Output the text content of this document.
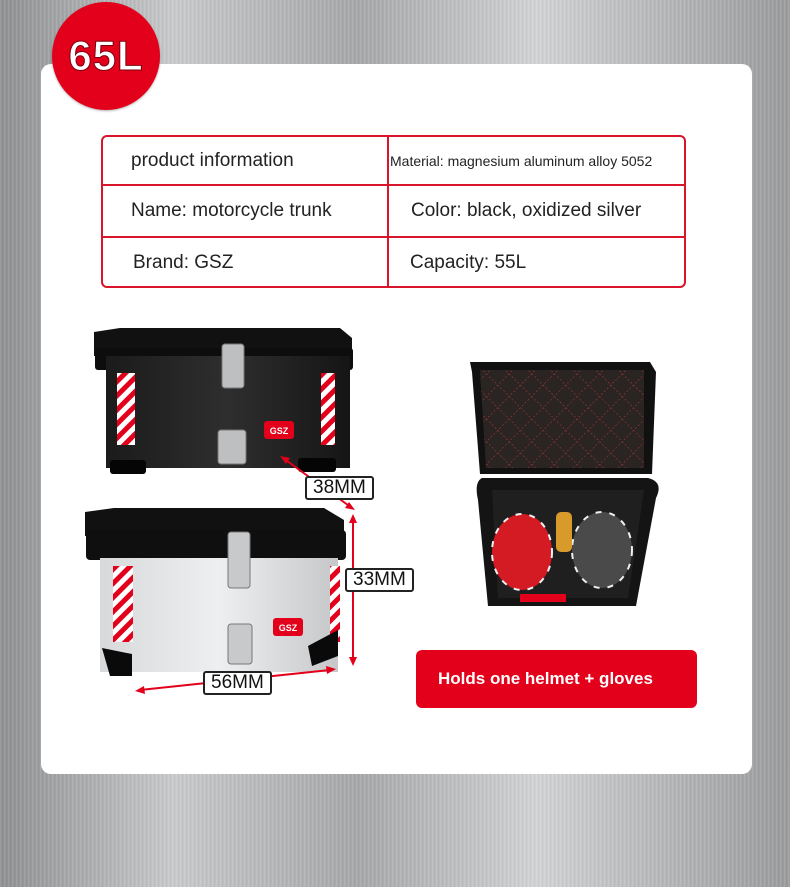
65L
product information	Material: magnesium aluminum alloy 5052
Name: motorcycle trunk	Color: black, oxidized silver
Brand: GSZ	Capacity: 55L
GSZ
GSZ
38MM
33MM
56MM	Holds one helmet + gloves
